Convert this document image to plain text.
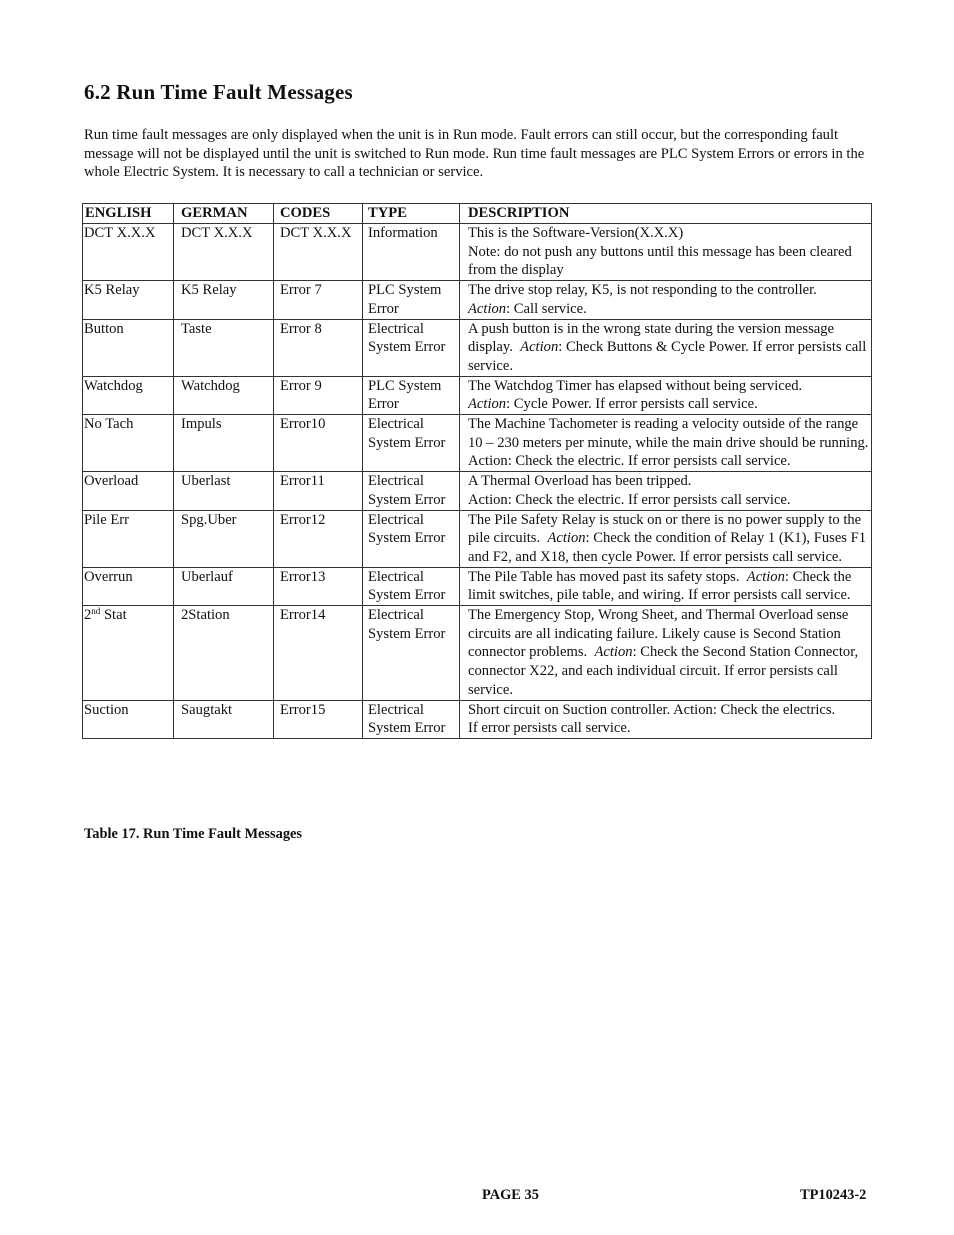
6.2 Run Time Fault Messages

Run time fault messages are only displayed when the unit is in Run mode. Fault errors can still occur, but the corresponding fault message will not be displayed until the unit is switched to Run mode. Run time fault messages are PLC System Errors or errors in the whole Electric System. It is necessary to call a technician or service.

ENGLISH	GERMAN	CODES	TYPE	DESCRIPTION
DCT X.X.X	DCT X.X.X	DCT X.X.X	Information	This is the Software-Version(X.X.X)
Note: do not push any buttons until this message has been cleared from the display

K5 Relay	K5 Relay	Error 7	PLC System Error	The drive stop relay, K5, is not responding to the controller.
Action: Call service.

Button	Taste	Error 8	Electrical System Error	A push button is in the wrong state during the version message display. Action: Check Buttons & Cycle Power. If error persists call service.
Watchdog	Watchdog	Error 9	PLC System Error	The Watchdog Timer has elapsed without being serviced.
Action: Cycle Power. If error persists call service.

No Tach	Impuls	Error10	Electrical System Error	The Machine Tachometer is reading a velocity outside of the range 10 – 230 meters per minute, while the main drive should be running. Action: Check the electric. If error persists call service.
Overload	Uberlast	Error11	Electrical System Error	A Thermal Overload has been tripped.
Action: Check the electric. If error persists call service.

Pile Err	Spg.Uber	Error12	Electrical System Error	The Pile Safety Relay is stuck on or there is no power supply to the pile circuits. Action: Check the condition of Relay 1 (K1), Fuses F1 and F2, and X18, then cycle Power. If error persists call service.
Overrun	Uberlauf	Error13	Electrical System Error	The Pile Table has moved past its safety stops. Action: Check the limit switches, pile table, and wiring. If error persists call service.
2nd Stat	2Station	Error14	Electrical System Error	The Emergency Stop, Wrong Sheet, and Thermal Overload sense circuits are all indicating failure. Likely cause is Second Station connector problems. Action: Check the Second Station Connector, connector X22, and each individual circuit. If error persists call service.
Suction	Saugtakt	Error15	Electrical System Error	Short circuit on Suction controller. Action: Check the electrics.
If error persists call service.

Table 17. Run Time Fault Messages

PAGE 35	TP10243-2
